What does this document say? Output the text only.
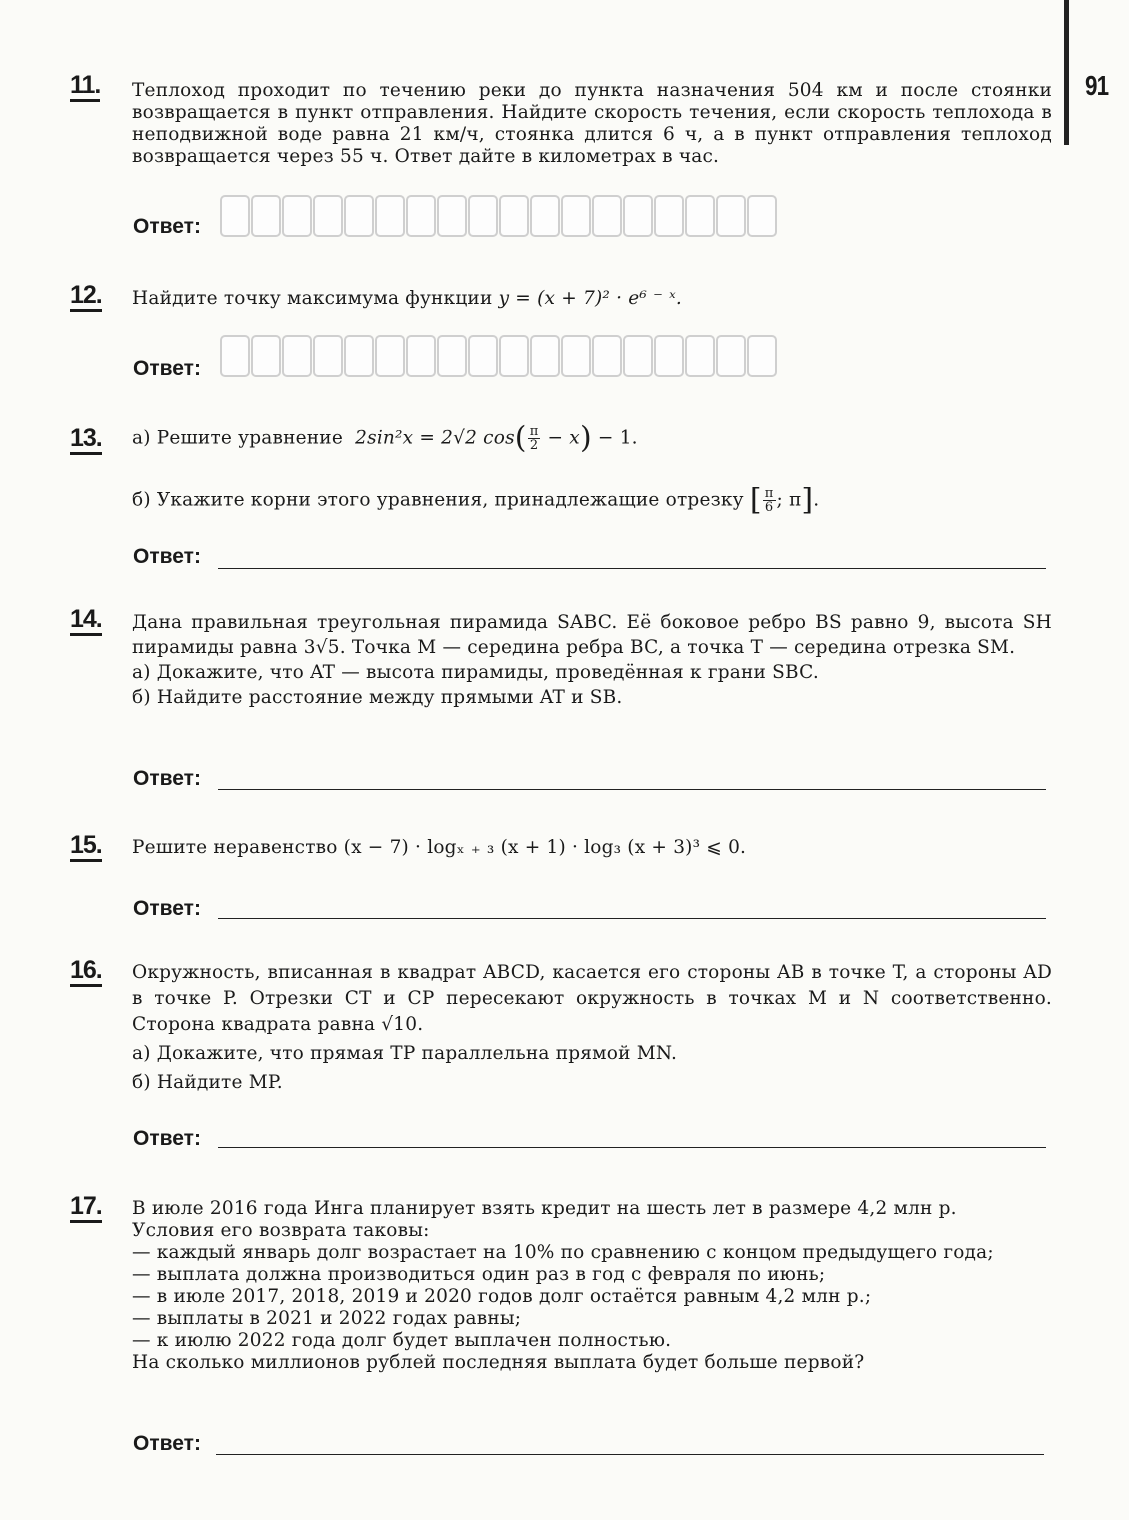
91
11. Теплоход проходит по течению реки до пункта назначения 504 км и после стоянки возвращается в пункт отправления. Найдите скорость течения, если скорость теплохода в неподвижной воде равна 21 км/ч, стоянка длится 6 ч, а в пункт отправления теплоход возвращается через 55 ч. Ответ дайте в километрах в час.
Ответ:
12. Найдите точку максимума функции y = (x + 7)² · e⁶ ⁻ ˣ.
Ответ:
13. а) Решите уравнение 2sin²x = 2√2 $\cos( \frac{\pi}{2} - x) - 1$.
б) Укажите корни этого уравнения, принадлежащие отрезку [ $\frac{\pi}{6}$ ; π].
Ответ:
14. Дана правильная треугольная пирамида SABC. Её боковое ребро BS равно 9, высота SH пирамиды равна 3√5. Точка M — середина ребра BC, а точка T — середина отрезка SM.

а) Докажите, что AT — высота пирамиды, проведённая к грани SBC.

б) Найдите расстояние между прямыми AT и SB.

Ответ:
15. Решите неравенство (x − 7) · logₓ ₊ ₃ (x + 1) · log₃ (x + 3)³ ⩽ 0.
Ответ:
16. Окружность, вписанная в квадрат ABCD, касается его стороны AB в точке T, а стороны AD в точке P. Отрезки CT и CP пересекают окружность в точках M и N соответственно. Сторона квадрата равна √10.

а) Докажите, что прямая TP параллельна прямой MN.

б) Найдите MP.

Ответ:
17. В июле 2016 года Инга планирует взять кредит на шесть лет в размере 4,2 млн р.

Условия его возврата таковы:

— каждый январь долг возрастает на 10% по сравнению с концом предыдущего года;

— выплата должна производиться один раз в год с февраля по июнь;

— в июле 2017, 2018, 2019 и 2020 годов долг остаётся равным 4,2 млн р.;

— выплаты в 2021 и 2022 годах равны;

— к июлю 2022 года долг будет выплачен полностью.

На сколько миллионов рублей последняя выплата будет больше первой?

Ответ:
